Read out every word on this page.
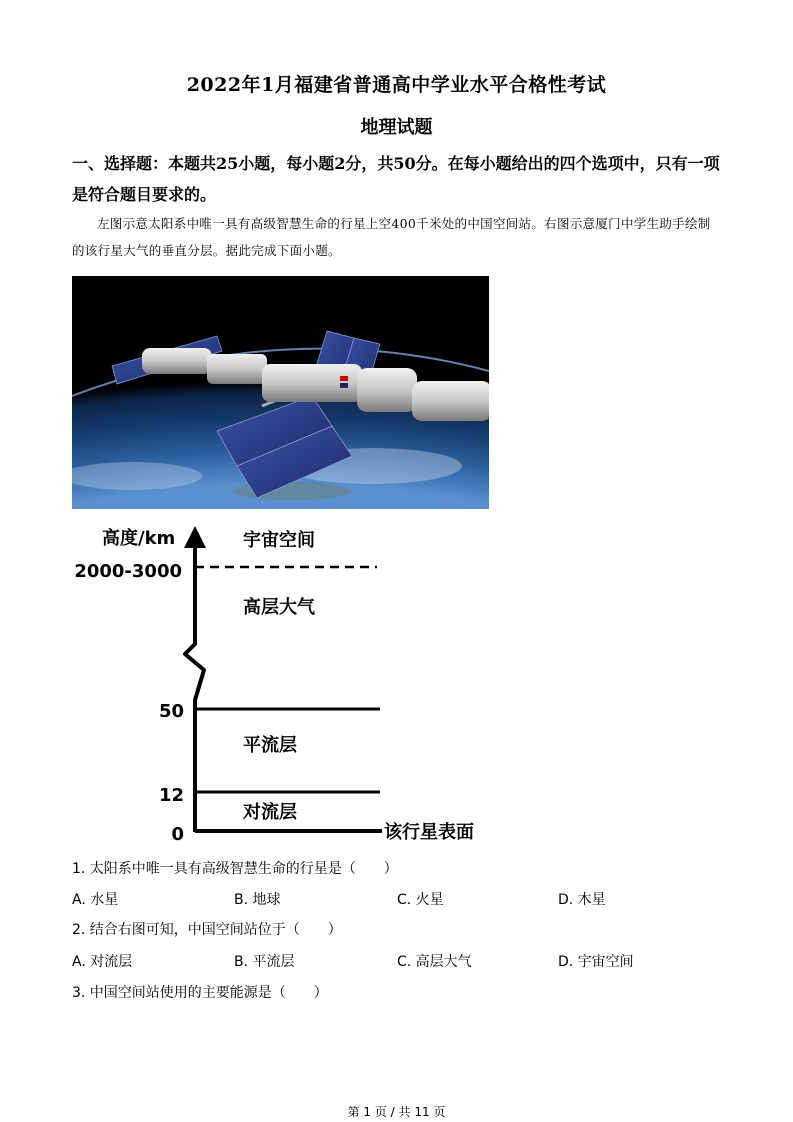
2022年1月福建省普通高中学业水平合格性考试
地理试题
一、选择题：本题共25小题，每小题2分，共50分。在每小题给出的四个选项中，只有一项是符合题目要求的。
左图示意太阳系中唯一具有高级智慧生命的行星上空400千米处的中国空间站。右图示意厦门中学生助手绘制的该行星大气的垂直分层。据此完成下面小题。
高度/km
2000-3000
50
12
0
宇宙空间
高层大气
平流层
对流层
该行星表面
1. 太阳系中唯一具有高级智慧生命的行星是（　　）
A. 水星	B. 地球	C. 火星	D. 木星
2. 结合右图可知，中国空间站位于（　　）
A. 对流层	B. 平流层	C. 高层大气	D. 宇宙空间
3. 中国空间站使用的主要能源是（　　）
第 1 页 / 共 11 页
